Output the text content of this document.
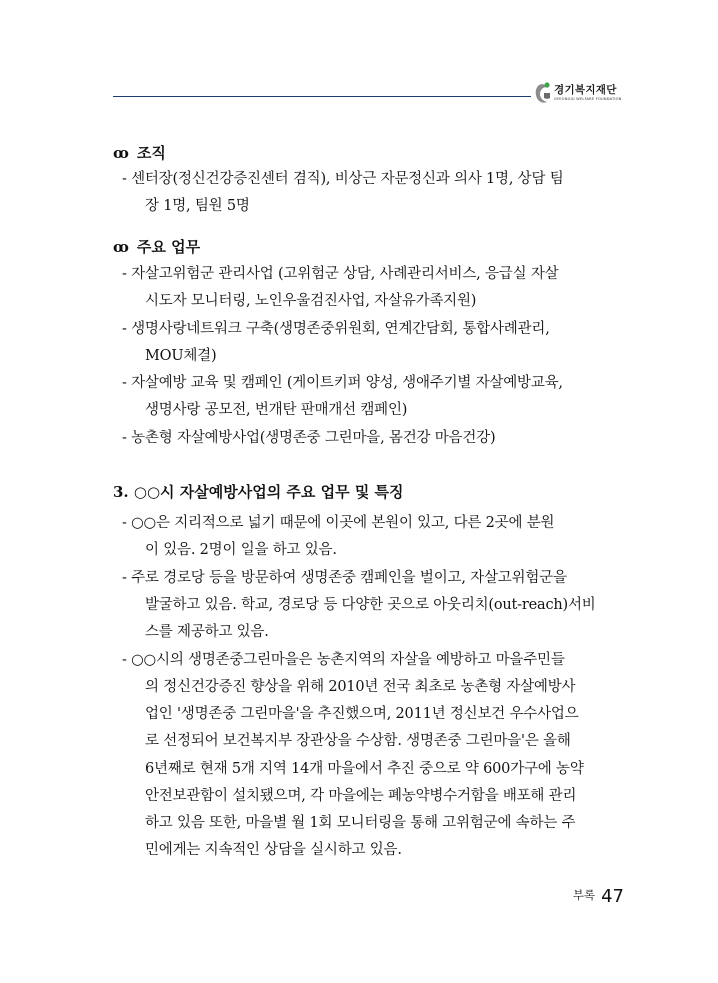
경기복지재단
GYEONGGI WELFARE FOUNDATION
ꝏ 조직
- 센터장(정신건강증진센터 겸직), 비상근 자문정신과 의사 1명, 상담 팀
장 1명, 팀원 5명
ꝏ 주요 업무
- 자살고위험군 관리사업 (고위험군 상담, 사례관리서비스, 응급실 자살
시도자 모니터링, 노인우울검진사업, 자살유가족지원)
- 생명사랑네트워크 구축(생명존중위원회, 연계간담회, 통합사례관리,
MOU체결)
- 자살예방 교육 및 캠페인 (게이트키퍼 양성, 생애주기별 자살예방교육,
생명사랑 공모전, 번개탄 판매개선 캠페인)
- 농촌형 자살예방사업(생명존중 그린마을, 몸건강 마음건강)
3. ○○시 자살예방사업의 주요 업무 및 특징
- ○○은 지리적으로 넓기 때문에 이곳에 본원이 있고, 다른 2곳에 분원
이 있음. 2명이 일을 하고 있음.
- 주로 경로당 등을 방문하여 생명존중 캠페인을 벌이고, 자살고위험군을
발굴하고 있음. 학교, 경로당 등 다양한 곳으로 아웃리치(out-reach)서비
스를 제공하고 있음.
- ○○시의 생명존중그린마을은 농촌지역의 자살을 예방하고 마을주민들
의 정신건강증진 향상을 위해 2010년 전국 최초로 농촌형 자살예방사
업인 '생명존중 그린마을'을 추진했으며, 2011년 정신보건 우수사업으
로 선정되어 보건복지부 장관상을 수상함. 생명존중 그린마을'은 올해
6년째로 현재 5개 지역 14개 마을에서 추진 중으로 약 600가구에 농약
안전보관함이 설치됐으며, 각 마을에는 폐농약병수거함을 배포해 관리
하고 있음 또한, 마을별 월 1회 모니터링을 통해 고위험군에 속하는 주
민에게는 지속적인 상담을 실시하고 있음.
부록 47
